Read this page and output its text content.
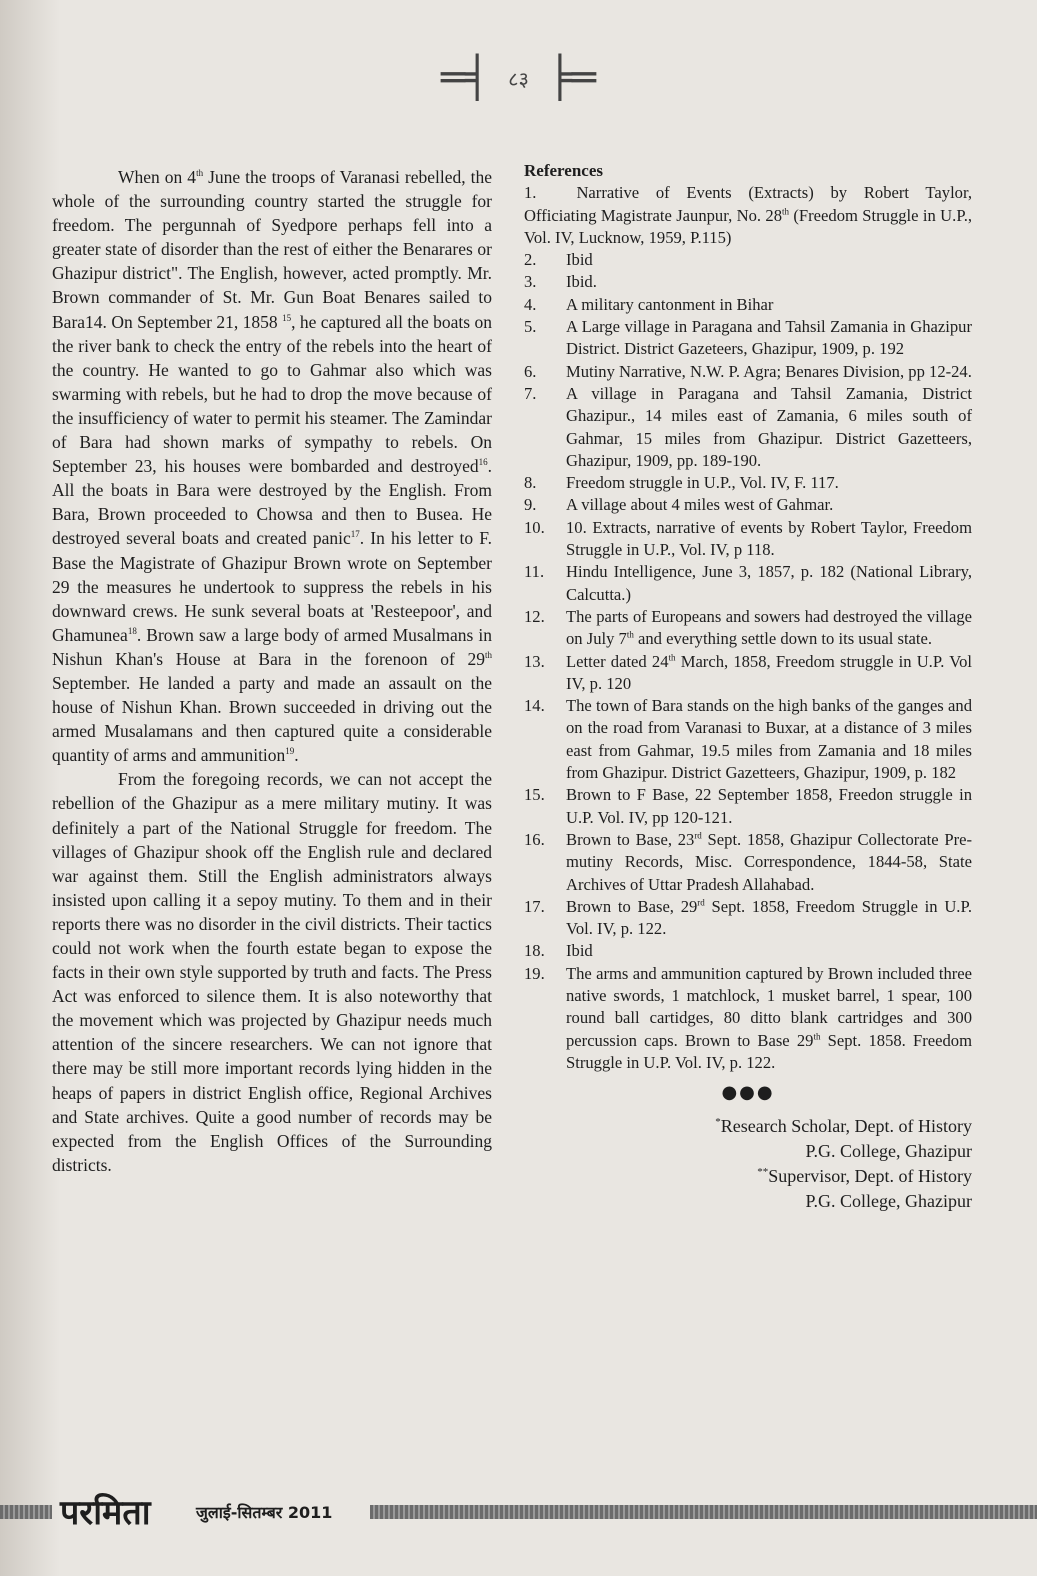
═╡ ८३ ╞═

When on 4th June the troops of Varanasi rebelled, the whole of the surrounding country started the struggle for freedom. The pergunnah of Syedpore perhaps fell into a greater state of disorder than the rest of either the Benarares or Ghazipur district". The English, however, acted promptly. Mr. Brown commander of St. Mr. Gun Boat Benares sailed to Bara14. On September 21, 1858 $^{15}$, he captured all the boats on the river bank to check the entry of the rebels into the heart of the country. He wanted to go to Gahmar also which was swarming with rebels, but he had to drop the move because of the insufficiency of water to permit his steamer. The Zamindar of Bara had shown marks of sympathy to rebels. On September 23, his houses were bombarded and destroyed$^{16}$. All the boats in Bara were destroyed by the English. From Bara, Brown proceeded to Chowsa and then to Busea. He destroyed several boats and created panic$^{17}$. In his letter to F. Base the Magistrate of Ghazipur Brown wrote on September 29 the measures he undertook to suppress the rebels in his downward crews. He sunk several boats at 'Resteepoor', and Ghamunea$^{18}$. Brown saw a large body of armed Musalmans in Nishun Khan's House at Bara in the forenoon of 29th September. He landed a party and made an assault on the house of Nishun Khan. Brown succeeded in driving out the armed Musalamans and then captured quite a considerable quantity of arms and ammunition$^{19}$.

From the foregoing records, we can not accept the rebellion of the Ghazipur as a mere military mutiny. It was definitely a part of the National Struggle for freedom. The villages of Ghazipur shook off the English rule and declared war against them. Still the English administrators always insisted upon calling it a sepoy mutiny. To them and in their reports there was no disorder in the civil districts. Their tactics could not work when the fourth estate began to expose the facts in their own style supported by truth and facts. The Press Act was enforced to silence them. It is also noteworthy that the movement which was projected by Ghazipur needs much attention of the sincere researchers. We can not ignore that there may be still more important records lying hidden in the heaps of papers in district English office, Regional Archives and State archives. Quite a good number of records may be expected from the English Offices of the Surrounding districts.

References

1. Narrative of Events (Extracts) by Robert Taylor, Officiating Magistrate Jaunpur, No. 28th (Freedom Struggle in U.P., Vol. IV, Lucknow, 1959, P.115)
2. Ibid
3. Ibid.
4. A military cantonment in Bihar
5. A Large village in Paragana and Tahsil Zamania in Ghazipur District. District Gazeteers, Ghazipur, 1909, p. 192
6. Mutiny Narrative, N.W. P. Agra; Benares Division, pp 12-24.
7. A village in Paragana and Tahsil Zamania, District Ghazipur., 14 miles east of Zamania, 6 miles south of Gahmar, 15 miles from Ghazipur. District Gazetteers, Ghazipur, 1909, pp. 189-190.
8. Freedom struggle in U.P., Vol. IV, F. 117.
9. A village about 4 miles west of Gahmar.
10. 10. Extracts, narrative of events by Robert Taylor, Freedom Struggle in U.P., Vol. IV, p 118.
11. Hindu Intelligence, June 3, 1857, p. 182 (National Library, Calcutta.)
12. The parts of Europeans and sowers had destroyed the village on July 7th and everything settle down to its usual state.
13. Letter dated 24th March, 1858, Freedom struggle in U.P. Vol IV, p. 120
14. The town of Bara stands on the high banks of the ganges and on the road from Varanasi to Buxar, at a distance of 3 miles east from Gahmar, 19.5 miles from Zamania and 18 miles from Ghazipur. District Gazetteers, Ghazipur, 1909, p. 182
15. Brown to F Base, 22 September 1858, Freedon struggle in U.P. Vol. IV, pp 120-121.
16. Brown to Base, 23rd Sept. 1858, Ghazipur Collectorate Pre-mutiny Records, Misc. Correspondence, 1844-58, State Archives of Uttar Pradesh Allahabad.
17. Brown to Base, 29rd Sept. 1858, Freedom Struggle in U.P. Vol. IV, p. 122.
18. Ibid
19. The arms and ammunition captured by Brown included three native swords, 1 matchlock, 1 musket barrel, 1 spear, 100 round ball cartidges, 80 ditto blank cartridges and 300 percussion caps. Brown to Base 29th Sept. 1858. Freedom Struggle in U.P. Vol. IV, p. 122.
●●●
*Research Scholar, Dept. of History
P.G. College, Ghazipur
**Supervisor, Dept. of History
P.G. College, Ghazipur
परमिता	जुलाई-सितम्बर 2011
